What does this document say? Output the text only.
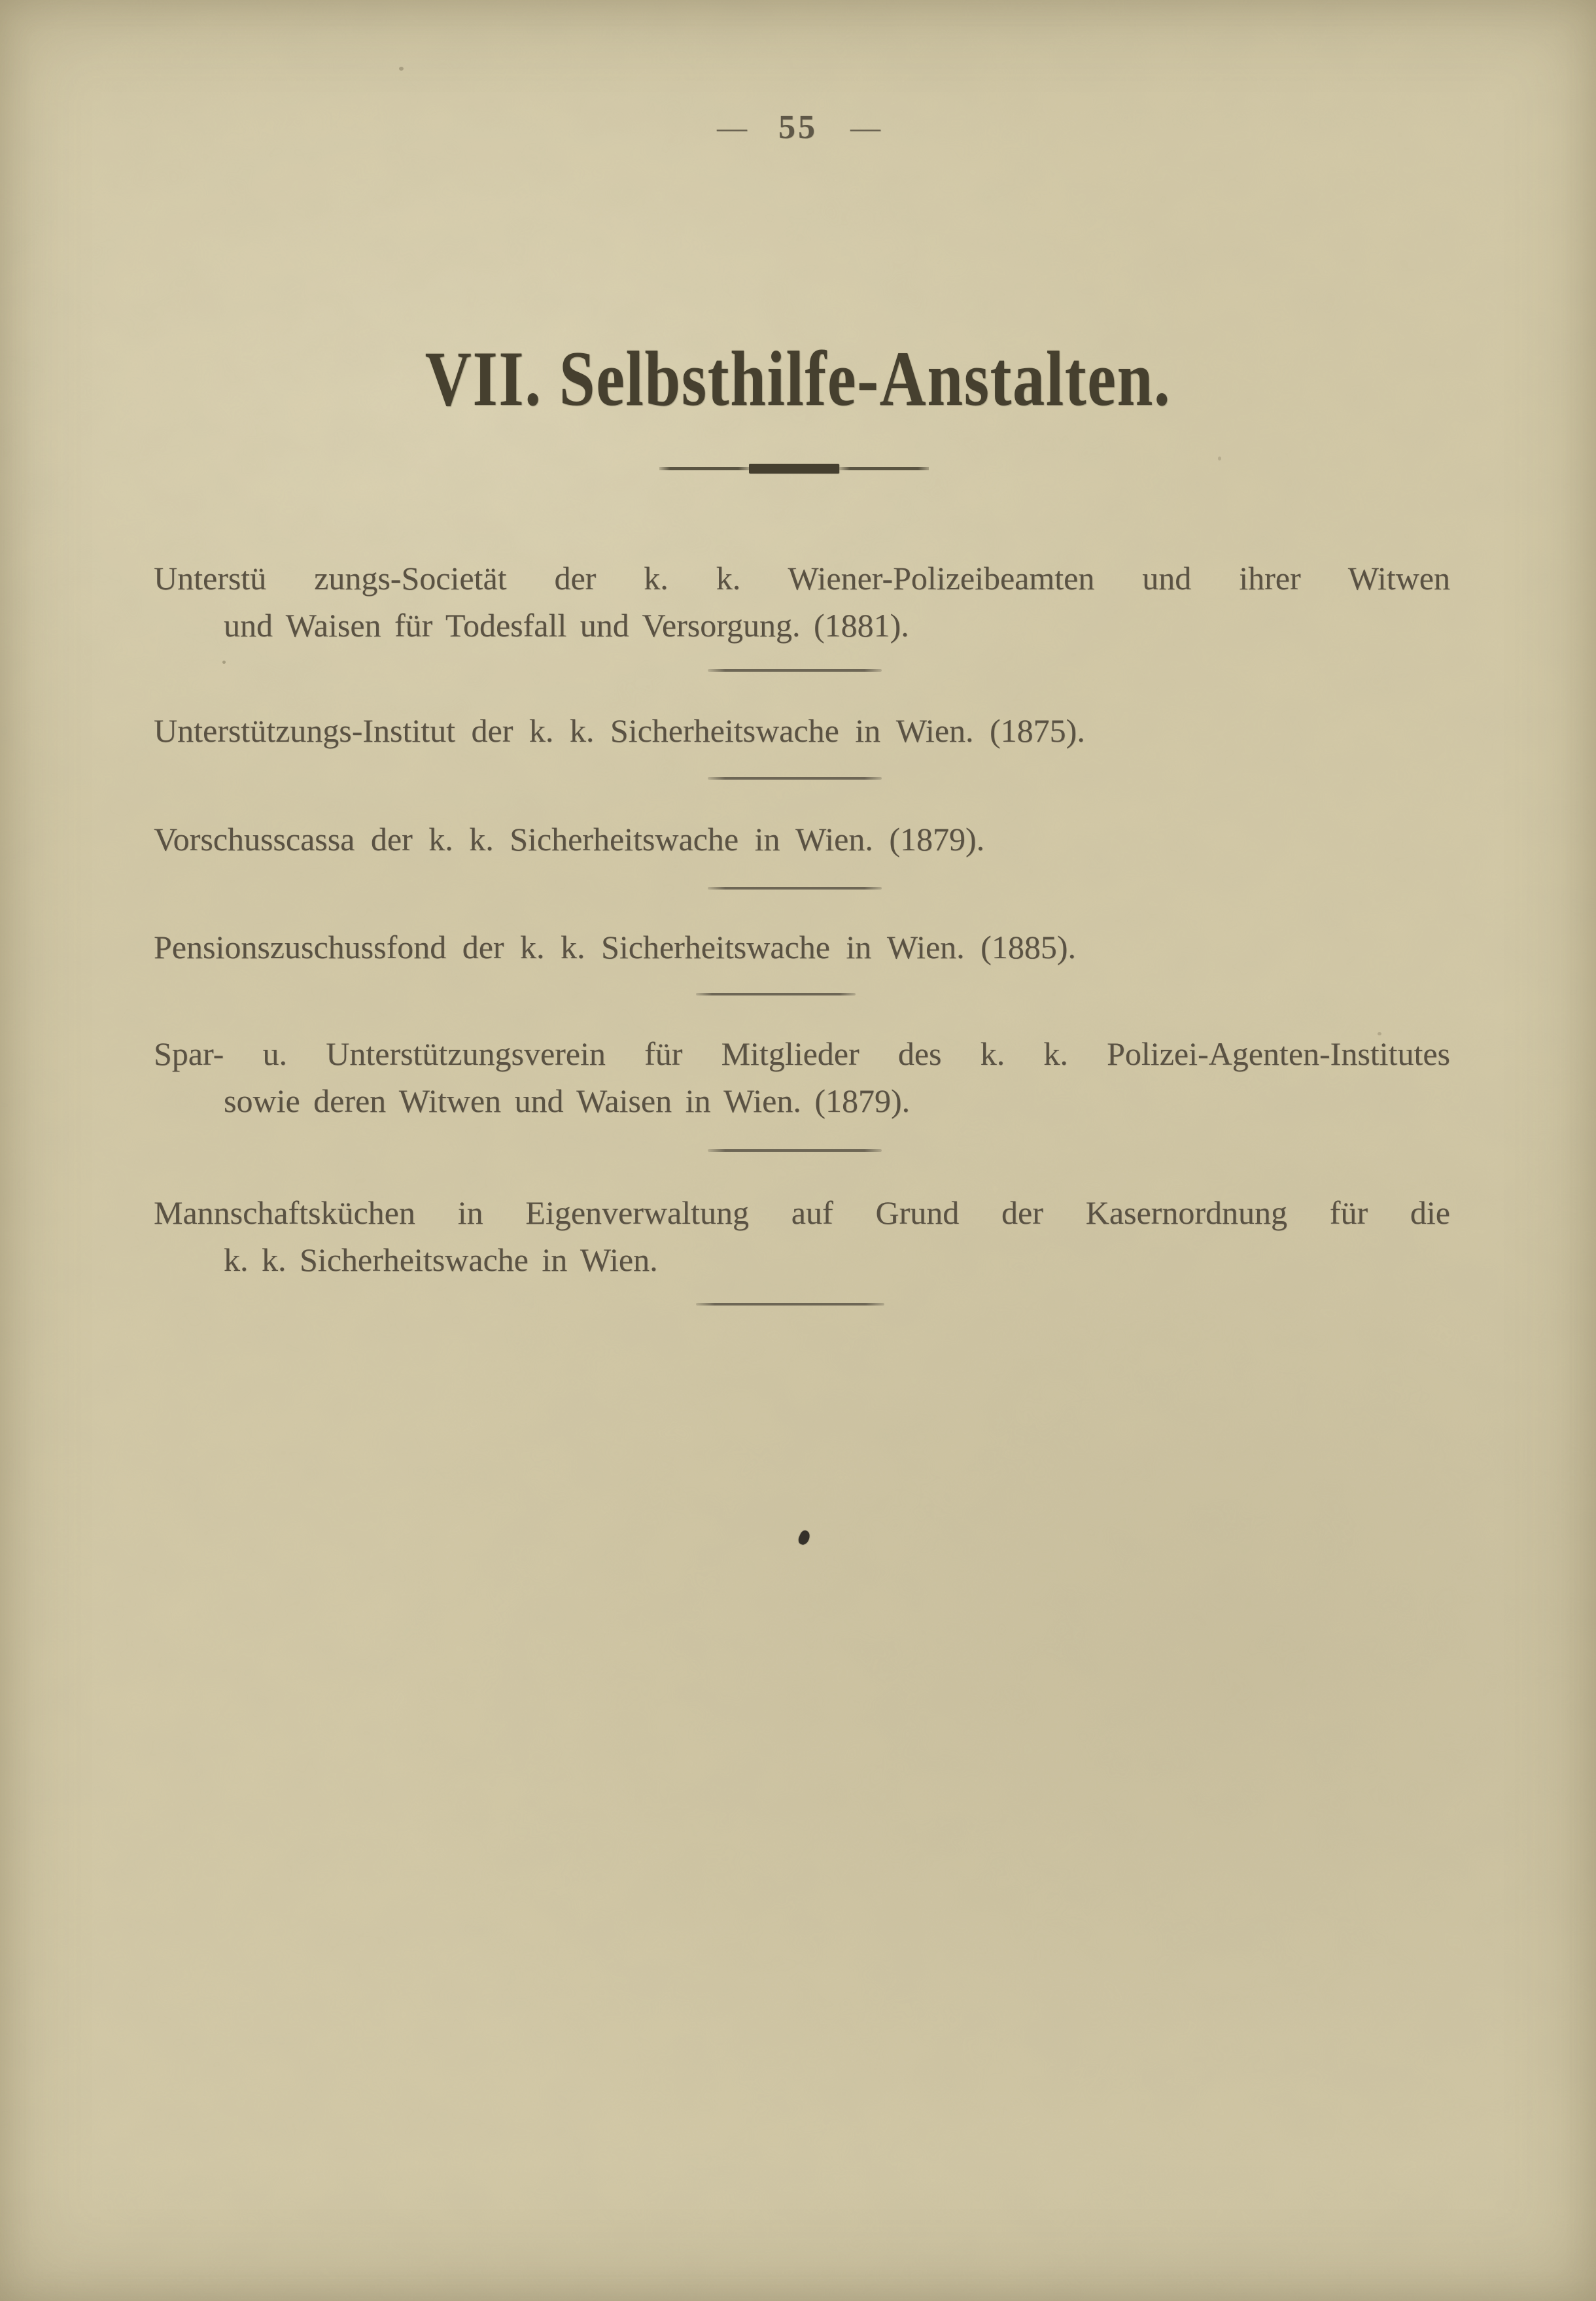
— 55 —
VII. Selbsthilfe-Anstalten.
Unterstü zungs-Societät der k. k. Wiener-Polizeibeamten und ihrer Witwen
und Waisen für Todesfall und Versorgung. (1881).
Unterstützungs-Institut der k. k. Sicherheitswache in Wien. (1875).
Vorschusscassa der k. k. Sicherheitswache in Wien. (1879).
Pensionszuschussfond der k. k. Sicherheitswache in Wien. (1885).
Spar- u. Unterstützungsverein für Mitglieder des k. k. Polizei-Agenten-Institutes
sowie deren Witwen und Waisen in Wien. (1879).
Mannschaftsküchen in Eigenverwaltung auf Grund der Kasernordnung für die
k. k. Sicherheitswache in Wien.
